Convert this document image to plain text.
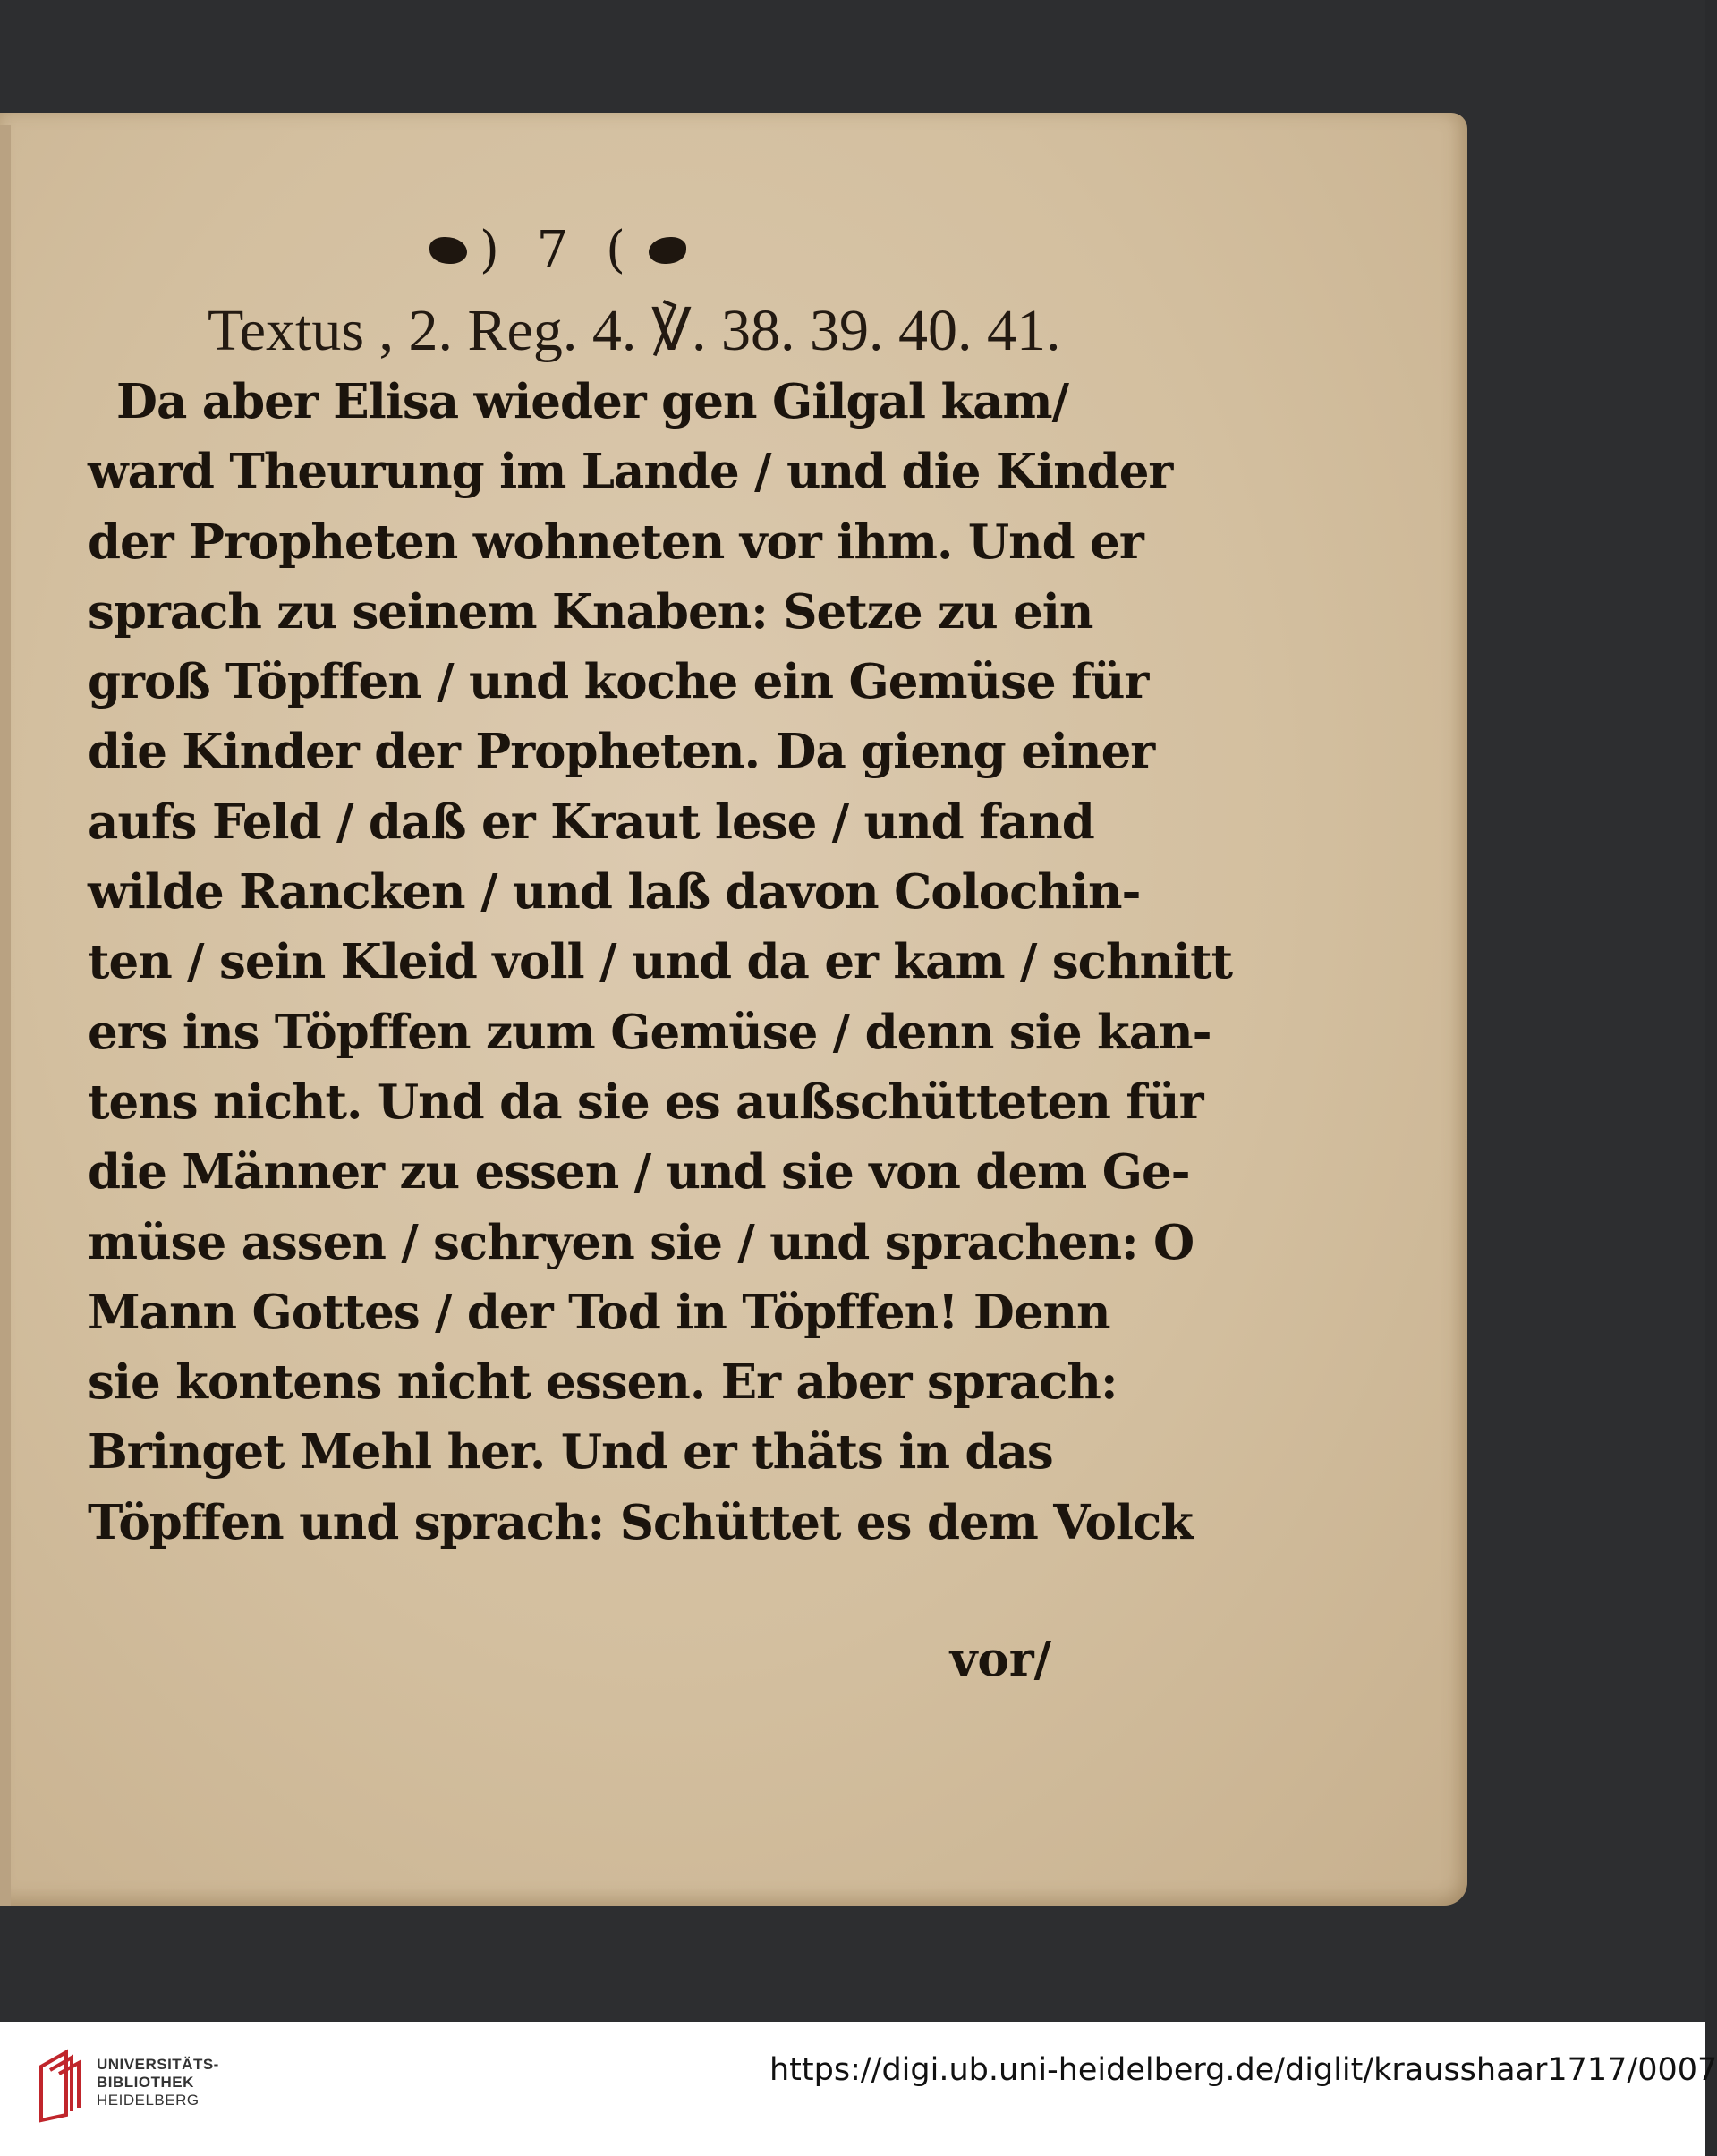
) 7 (
Textus , 2. Reg. 4. ℣. 38. 39. 40. 41.
Da aber Elisa wieder gen Gilgal kam/
ward Theurung im Lande / und die Kinder
der Propheten wohneten vor ihm. Und er
sprach zu seinem Knaben: Setze zu ein
groß Töpffen / und koche ein Gemüse für
die Kinder der Propheten. Da gieng einer
aufs Feld / daß er Kraut lese / und fand
wilde Rancken / und laß davon Colochin-
ten / sein Kleid voll / und da er kam / schnitt
ers ins Töpffen zum Gemüse / denn sie kan-
tens nicht. Und da sie es außschütteten für
die Männer zu essen / und sie von dem Ge-
müse assen / schryen sie / und sprachen: O
Mann Gottes / der Tod in Töpffen! Denn
sie kontens nicht essen. Er aber sprach:
Bringet Mehl her. Und er thäts in das
Töpffen und sprach: Schüttet es dem Volck
vor/
UNIVERSITÄTS-
BIBLIOTHEK
HEIDELBERG
https://digi.ub.uni-heidelberg.de/diglit/krausshaar1717/0007
